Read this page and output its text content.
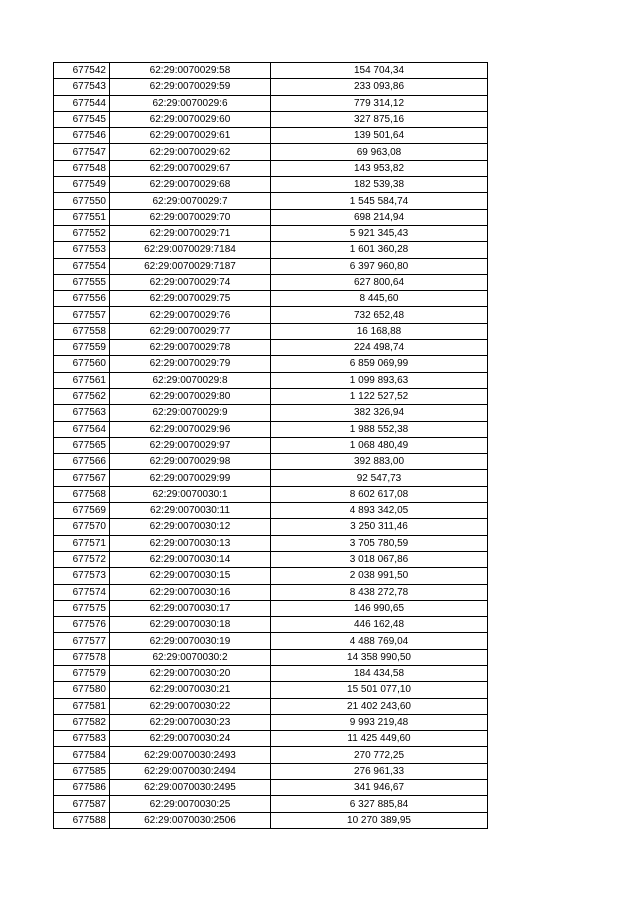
677542	62:29:0070029:58	154 704,34
677543	62:29:0070029:59	233 093,86
677544	62:29:0070029:6	779 314,12
677545	62:29:0070029:60	327 875,16
677546	62:29:0070029:61	139 501,64
677547	62:29:0070029:62	69 963,08
677548	62:29:0070029:67	143 953,82
677549	62:29:0070029:68	182 539,38
677550	62:29:0070029:7	1 545 584,74
677551	62:29:0070029:70	698 214,94
677552	62:29:0070029:71	5 921 345,43
677553	62:29:0070029:7184	1 601 360,28
677554	62:29:0070029:7187	6 397 960,80
677555	62:29:0070029:74	627 800,64
677556	62:29:0070029:75	8 445,60
677557	62:29:0070029:76	732 652,48
677558	62:29:0070029:77	16 168,88
677559	62:29:0070029:78	224 498,74
677560	62:29:0070029:79	6 859 069,99
677561	62:29:0070029:8	1 099 893,63
677562	62:29:0070029:80	1 122 527,52
677563	62:29:0070029:9	382 326,94
677564	62:29:0070029:96	1 988 552,38
677565	62:29:0070029:97	1 068 480,49
677566	62:29:0070029:98	392 883,00
677567	62:29:0070029:99	92 547,73
677568	62:29:0070030:1	8 602 617,08
677569	62:29:0070030:11	4 893 342,05
677570	62:29:0070030:12	3 250 311,46
677571	62:29:0070030:13	3 705 780,59
677572	62:29:0070030:14	3 018 067,86
677573	62:29:0070030:15	2 038 991,50
677574	62:29:0070030:16	8 438 272,78
677575	62:29:0070030:17	146 990,65
677576	62:29:0070030:18	446 162,48
677577	62:29:0070030:19	4 488 769,04
677578	62:29:0070030:2	14 358 990,50
677579	62:29:0070030:20	184 434,58
677580	62:29:0070030:21	15 501 077,10
677581	62:29:0070030:22	21 402 243,60
677582	62:29:0070030:23	9 993 219,48
677583	62:29:0070030:24	11 425 449,60
677584	62:29:0070030:2493	270 772,25
677585	62:29:0070030:2494	276 961,33
677586	62:29:0070030:2495	341 946,67
677587	62:29:0070030:25	6 327 885,84
677588	62:29:0070030:2506	10 270 389,95
